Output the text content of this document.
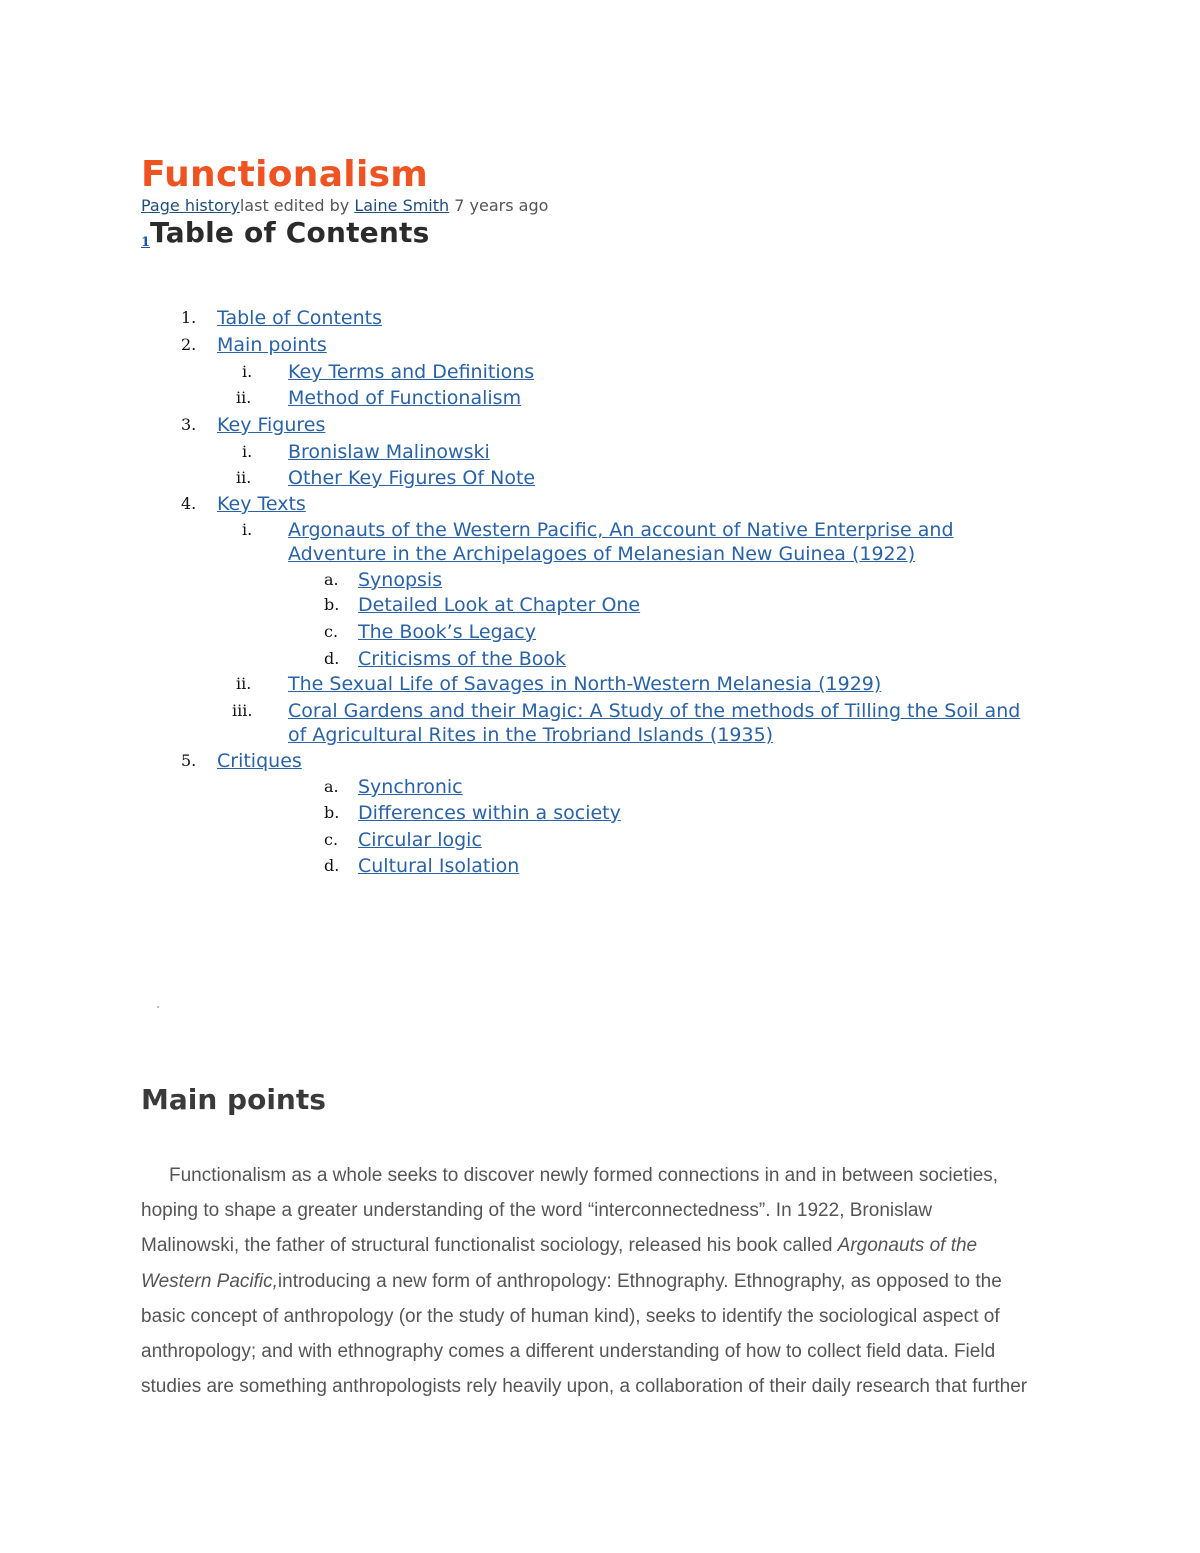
Functionalism
Page historylast edited by Laine Smith 7 years ago
$_1$Table of Contents
1. Table of Contents
2. Main points
i. Key Terms and Definitions
ii. Method of Functionalism
3. Key Figures
i. Bronislaw Malinowski
ii. Other Key Figures Of Note
4. Key Texts
i. Argonauts of the Western Pacific, An account of Native Enterprise and
Adventure in the Archipelagoes of Melanesian New Guinea (1922)
a. Synopsis
b. Detailed Look at Chapter One
c. The Book’s Legacy
d. Criticisms of the Book
ii. The Sexual Life of Savages in North-Western Melanesia (1929)
iii. Coral Gardens and their Magic: A Study of the methods of Tilling the Soil and
of Agricultural Rites in the Trobriand Islands (1935)
5. Critiques
a. Synchronic
b. Differences within a society
c. Circular logic
d. Cultural Isolation
Main points
Functionalism as a whole seeks to discover newly formed connections in and in between societies,
hoping to shape a greater understanding of the word “interconnectedness”. In 1922, Bronislaw
Malinowski, the father of structural functionalist sociology, released his book called Argonauts of the
Western Pacific,introducing a new form of anthropology: Ethnography. Ethnography, as opposed to the
basic concept of anthropology (or the study of human kind), seeks to identify the sociological aspect of
anthropology; and with ethnography comes a different understanding of how to collect field data. Field
studies are something anthropologists rely heavily upon, a collaboration of their daily research that further
